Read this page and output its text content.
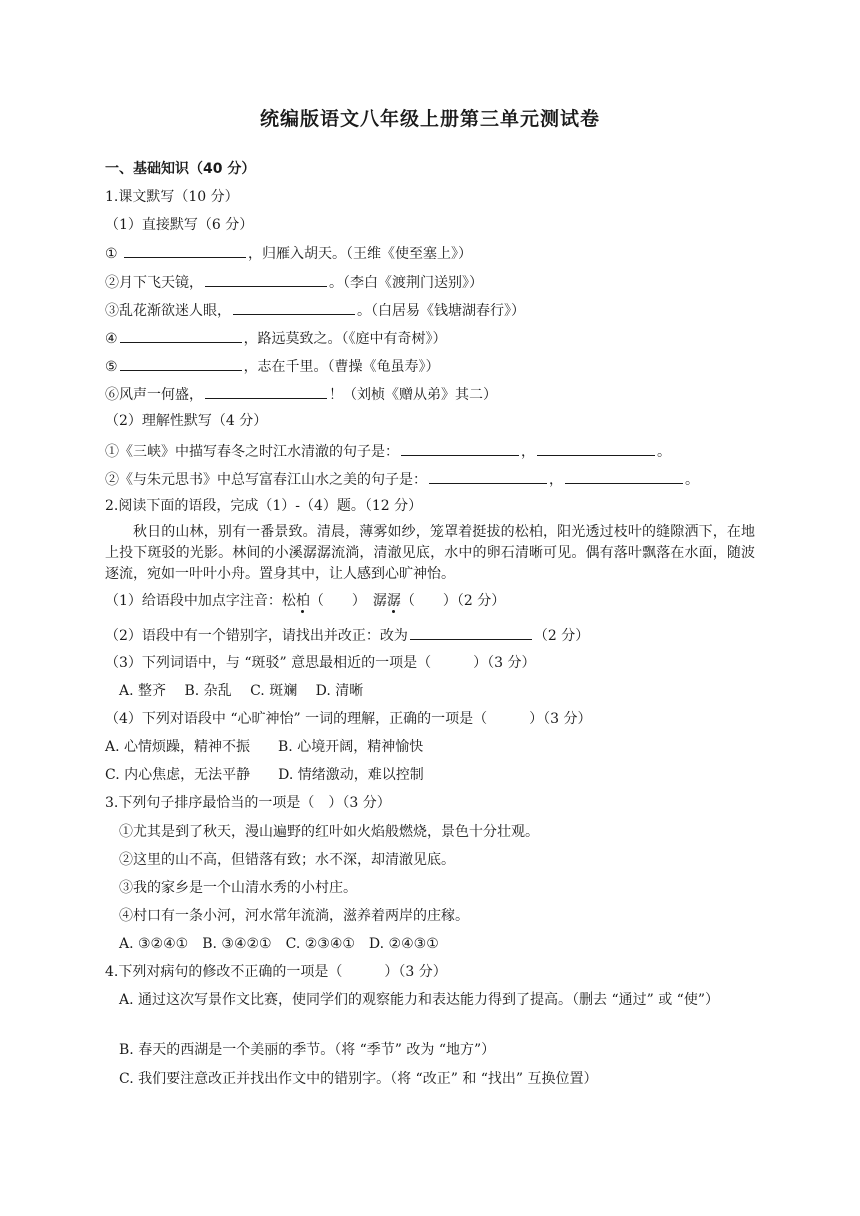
统编版语文八年级上册第三单元测试卷
一、基础知识（40 分）
1.课文默写（10 分）
（1）直接默写（6 分）
①	，归雁入胡天。（王维《使至塞上》）
②月下飞天镜，	。（李白《渡荆门送别》）
③乱花渐欲迷人眼，	。（白居易《钱塘湖春行》）
④	，路远莫致之。（《庭中有奇树》）
⑤	，志在千里。（曹操《龟虽寿》）
⑥风声一何盛，	！（刘桢《赠从弟》其二）
（2）理解性默写（4 分）
①《三峡》中描写春冬之时江水清澈的句子是：	，	。
②《与朱元思书》中总写富春江山水之美的句子是：	，	。
2.阅读下面的语段，完成（1）-（4）题。（12 分）
秋日的山林，别有一番景致。清晨，薄雾如纱，笼罩着挺拔的松柏，阳光透过枝叶的缝隙洒下，在地上投下斑驳的光影。林间的小溪潺潺流淌，清澈见底，水中的卵石清晰可见。偶有落叶飘落在水面，随波逐流，宛如一叶叶小舟。置身其中，让人感到心旷神怡。
（1）给语段中加点字注音：松柏（　　）　潺潺（　　）（2 分）
（2）语段中有一个错别字，请找出并改正：改为	（2 分）
（3）下列词语中，与 “斑驳” 意思最相近的一项是（　　　）（3 分）
A. 整齐　 B. 杂乱　 C. 斑斓　 D. 清晰
（4）下列对语段中 “心旷神怡” 一词的理解，正确的一项是（　　　）（3 分）
A. 心情烦躁，精神不振　　B. 心境开阔，精神愉快
C. 内心焦虑，无法平静　　D. 情绪激动，难以控制
3.下列句子排序最恰当的一项是（　）（3 分）
①尤其是到了秋天，漫山遍野的红叶如火焰般燃烧，景色十分壮观。
②这里的山不高，但错落有致；水不深，却清澈见底。
③我的家乡是一个山清水秀的小村庄。
④村口有一条小河，河水常年流淌，滋养着两岸的庄稼。
A. ③②④①　B. ③④②①　C. ②③④①　D. ②④③①
4.下列对病句的修改不正确的一项是（　　　）（3 分）
A. 通过这次写景作文比赛，使同学们的观察能力和表达能力得到了提高。（删去 “通过” 或 “使”）
B. 春天的西湖是一个美丽的季节。（将 “季节” 改为 “地方”）
C. 我们要注意改正并找出作文中的错别字。（将 “改正” 和 “找出” 互换位置）
